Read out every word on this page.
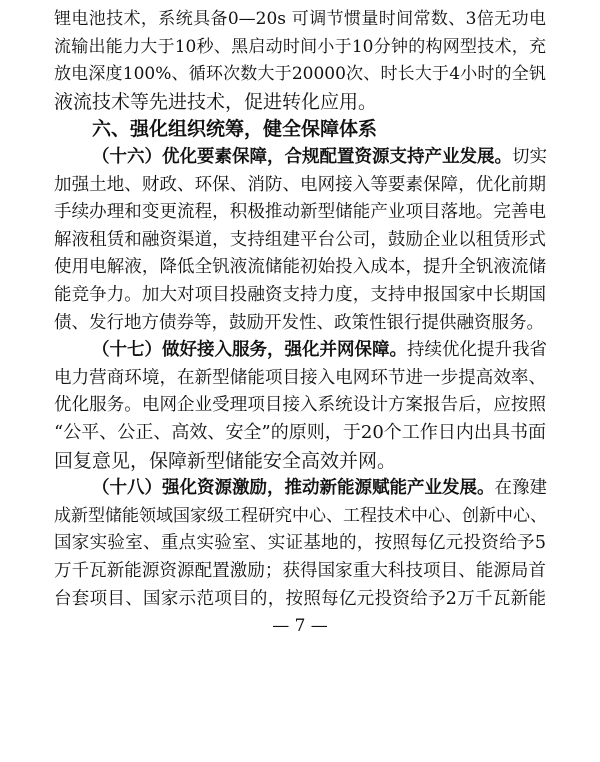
锂电池技术，系统具备0—20s 可调节惯量时间常数、3倍无功电
流输出能力大于10秒、黑启动时间小于10分钟的构网型技术，充
放电深度100%、循环次数大于20000次、时长大于4小时的全钒
液流技术等先进技术，促进转化应用。
六、强化组织统筹，健全保障体系
（十六）优化要素保障，合规配置资源支持产业发展。切实
加强土地、财政、环保、消防、电网接入等要素保障，优化前期
手续办理和变更流程，积极推动新型储能产业项目落地。完善电
解液租赁和融资渠道，支持组建平台公司，鼓励企业以租赁形式
使用电解液，降低全钒液流储能初始投入成本，提升全钒液流储
能竞争力。加大对项目投融资支持力度，支持申报国家中长期国
债、发行地方债券等，鼓励开发性、政策性银行提供融资服务。
（十七）做好接入服务，强化并网保障。持续优化提升我省
电力营商环境，在新型储能项目接入电网环节进一步提高效率、
优化服务。电网企业受理项目接入系统设计方案报告后，应按照
“公平、公正、高效、安全”的原则，于20个工作日内出具书面
回复意见，保障新型储能安全高效并网。
（十八）强化资源激励，推动新能源赋能产业发展。在豫建
成新型储能领域国家级工程研究中心、工程技术中心、创新中心、
国家实验室、重点实验室、实证基地的，按照每亿元投资给予5
万千瓦新能源资源配置激励；获得国家重大科技项目、能源局首
台套项目、国家示范项目的，按照每亿元投资给予2万千瓦新能
— 7 —
